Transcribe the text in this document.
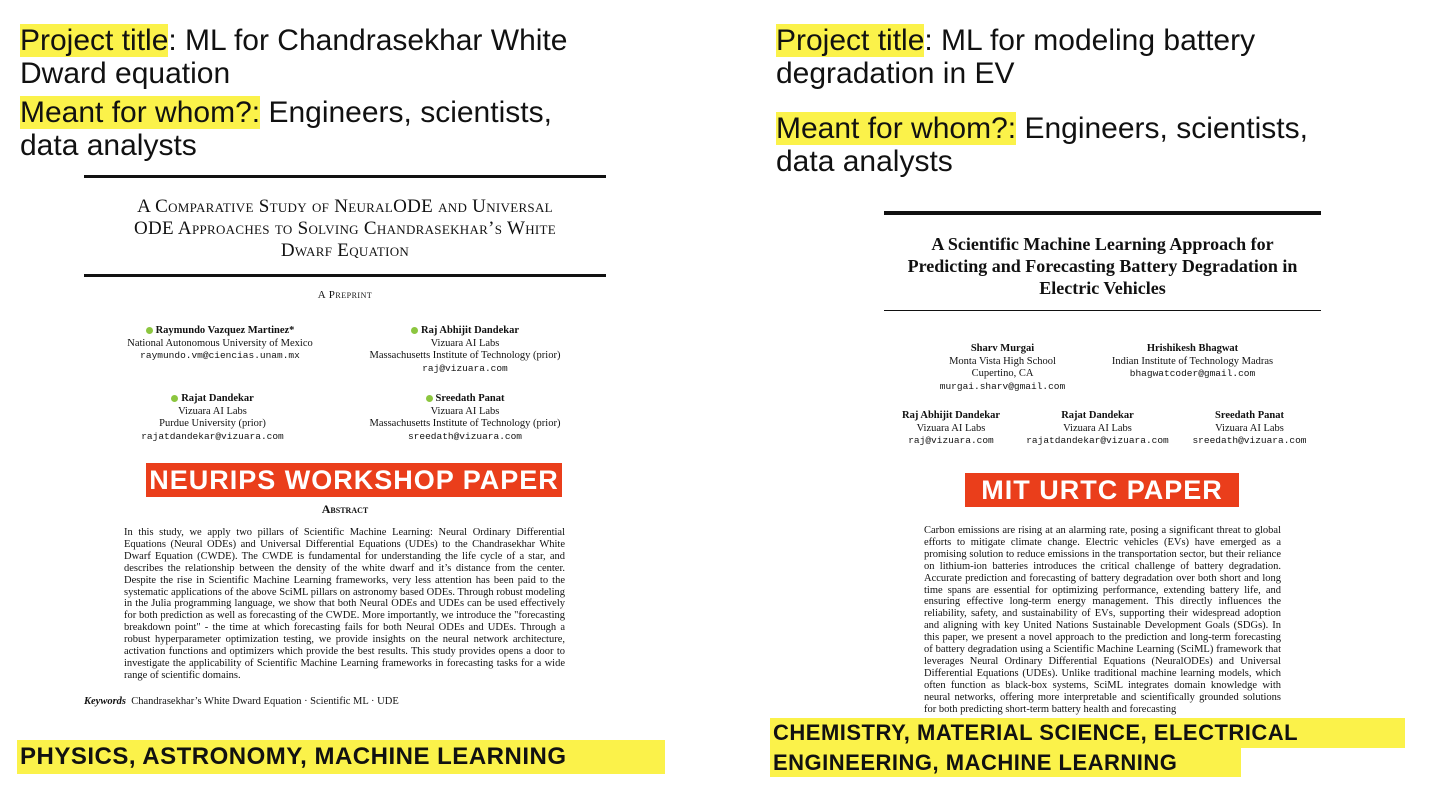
Project title: ML for Chandrasekhar White
Dward equation
Meant for whom?: Engineers, scientists,
data analysts
A Comparative Study of NeuralODE and Universal
ODE Approaches to Solving Chandrasekhar’s White
Dwarf Equation
A Preprint
Raymundo Vazquez Martinez*
National Autonomous University of Mexico
raymundo.vm@ciencias.unam.mx
Raj Abhijit Dandekar
Vizuara AI Labs
Massachusetts Institute of Technology (prior)
raj@vizuara.com
Rajat Dandekar
Vizuara AI Labs
Purdue University (prior)
rajatdandekar@vizuara.com
Sreedath Panat
Vizuara AI Labs
Massachusetts Institute of Technology (prior)
sreedath@vizuara.com
NEURIPS WORKSHOP PAPER
Abstract
In this study, we apply two pillars of Scientific Machine Learning: Neural Ordinary Differential Equations (Neural ODEs) and Universal Differential Equations (UDEs) to the Chandrasekhar White Dwarf Equation (CWDE). The CWDE is fundamental for understanding the life cycle of a star, and describes the relationship between the density of the white dwarf and it’s distance from the center. Despite the rise in Scientific Machine Learning frameworks, very less attention has been paid to the systematic applications of the above SciML pillars on astronomy based ODEs. Through robust modeling in the Julia programming language, we show that both Neural ODEs and UDEs can be used effectively for both prediction as well as forecasting of the CWDE. More importantly, we introduce the "forecasting breakdown point" - the time at which forecasting fails for both Neural ODEs and UDEs. Through a robust hyperparameter optimization testing, we provide insights on the neural network architecture, activation functions and optimizers which provide the best results. This study provides opens a door to investigate the applicability of Scientific Machine Learning frameworks in forecasting tasks for a wide range of scientific domains.
Keywords Chandrasekhar’s White Dward Equation · Scientific ML · UDE
PHYSICS, ASTRONOMY, MACHINE LEARNING
Project title: ML for modeling battery
degradation in EV
Meant for whom?: Engineers, scientists,
data analysts
A Scientific Machine Learning Approach for
Predicting and Forecasting Battery Degradation in
Electric Vehicles
Sharv Murgai
Monta Vista High School
Cupertino, CA
murgai.sharv@gmail.com
Hrishikesh Bhagwat
Indian Institute of Technology Madras
bhagwatcoder@gmail.com
Raj Abhijit Dandekar
Vizuara AI Labs
raj@vizuara.com
Rajat Dandekar
Vizuara AI Labs
rajatdandekar@vizuara.com
Sreedath Panat
Vizuara AI Labs
sreedath@vizuara.com
MIT URTC PAPER
Carbon emissions are rising at an alarming rate, posing a significant threat to global efforts to mitigate climate change. Electric vehicles (EVs) have emerged as a promising solution to reduce emissions in the transportation sector, but their reliance on lithium-ion batteries introduces the critical challenge of battery degradation. Accurate prediction and forecasting of battery degradation over both short and long time spans are essential for optimizing performance, extending battery life, and ensuring effective long-term energy management. This directly influences the reliability, safety, and sustainability of EVs, supporting their widespread adoption and aligning with key United Nations Sustainable Development Goals (SDGs). In this paper, we present a novel approach to the prediction and long-term forecasting of battery degradation using a Scientific Machine Learning (SciML) framework that leverages Neural Ordinary Differential Equations (NeuralODEs) and Universal Differential Equations (UDEs). Unlike traditional machine learning models, which often function as black-box systems, SciML integrates domain knowledge with neural networks, offering more interpretable and scientifically grounded solutions for both predicting short-term battery health and forecasting
CHEMISTRY, MATERIAL SCIENCE, ELECTRICAL
ENGINEERING, MACHINE LEARNING
